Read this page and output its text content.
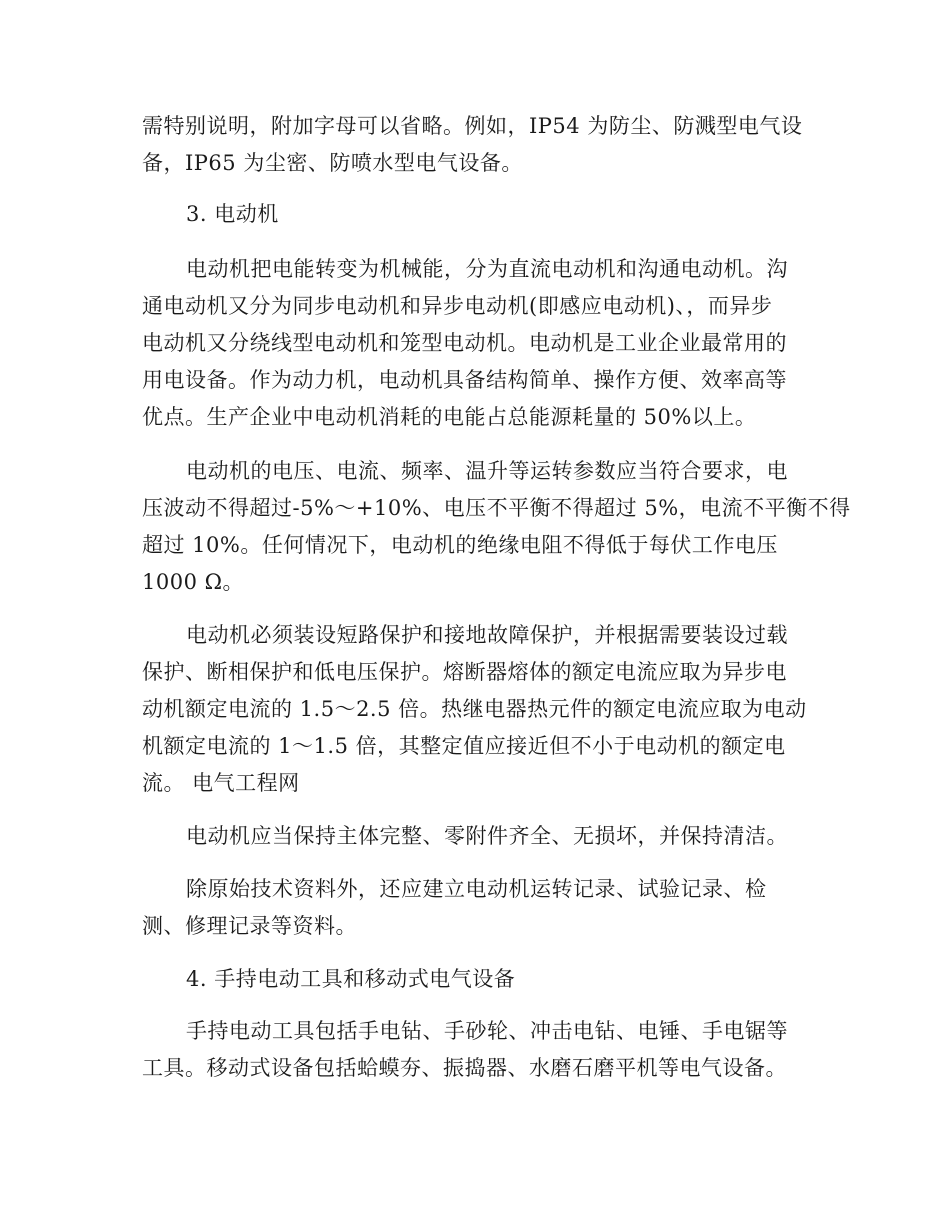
需特别说明，附加字母可以省略。例如，IP54 为防尘、防溅型电气设
备，IP65 为尘密、防喷水型电气设备。
3. 电动机
电动机把电能转变为机械能，分为直流电动机和沟通电动机。沟
通电动机又分为同步电动机和异步电动机(即感应电动机)、，而异步
电动机又分绕线型电动机和笼型电动机。电动机是工业企业最常用的
用电设备。作为动力机，电动机具备结构简单、操作方便、效率高等
优点。生产企业中电动机消耗的电能占总能源耗量的 50%以上。
电动机的电压、电流、频率、温升等运转参数应当符合要求，电
压波动不得超过-5%～+10%、电压不平衡不得超过 5%，电流不平衡不得
超过 10%。任何情况下，电动机的绝缘电阻不得低于每伏工作电压
1000 Ω。
电动机必须装设短路保护和接地故障保护，并根据需要装设过载
保护、断相保护和低电压保护。熔断器熔体的额定电流应取为异步电
动机额定电流的 1.5～2.5 倍。热继电器热元件的额定电流应取为电动
机额定电流的 1～1.5 倍，其整定值应接近但不小于电动机的额定电
流。 电气工程网
电动机应当保持主体完整、零附件齐全、无损坏，并保持清洁。
除原始技术资料外，还应建立电动机运转记录、试验记录、检
测、修理记录等资料。
4. 手持电动工具和移动式电气设备
手持电动工具包括手电钻、手砂轮、冲击电钻、电锤、手电锯等
工具。移动式设备包括蛤蟆夯、振捣器、水磨石磨平机等电气设备。
